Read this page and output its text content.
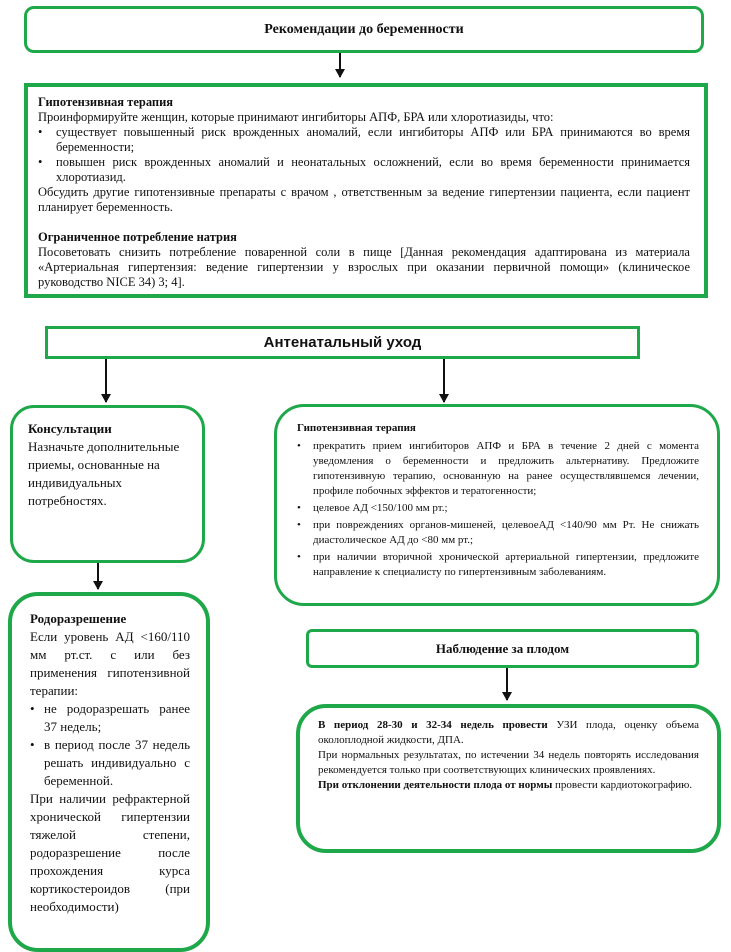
Рекомендации до беременности
Гипотензивная терапия

Проинформируйте женщин, которые принимают ингибиторы АПФ, БРА или хлоротиазиды, что:

•	существует повышенный риск врожденных аномалий, если ингибиторы АПФ или БРА принимаются во время беременности;
•	повышен риск врожденных аномалий и неонатальных осложнений, если во время беременности принимается хлоротиазид.

Обсудить другие гипотензивные препараты с врачом , ответственным за ведение гипертензии пациента, если пациент планирует беременность.

Ограниченное потребление натрия

Посоветовать снизить потребление поваренной соли в пище [Данная рекомендация адаптирована из материала «Артериальная гипертензия: ведение гипертензии у взрослых при оказании первичной помощи» (клиническое руководство NICE 34) 3; 4].

Антенатальный уход
Консультации

Назначьте дополнительные приемы, основанные на индивидуальных потребностях.

Гипотензивная терапия
•	прекратить прием ингибиторов АПФ и БРА в течение 2 дней с момента уведомления о беременности и предложить альтернативу. Предложите гипотензивную терапию, основанную на ранее осуществлявшемся лечении, профиле побочных эффектов и тератогенности;
•	целевое АД <150/100 мм рт.;
•	при повреждениях органов-мишеней, целевоеАД <140/90 мм Рт. Не снижать диастолическое АД до <80 мм рт.;
•	при наличии вторичной хронической артериальной гипертензии, предложите направление к специалисту по гипертензивным заболеваниям.
Родоразрешение

Если уровень АД <160/110 мм рт.ст. с или без применения гипотензивной терапии:

• не родоразрешать ранее 37 недель;
• в период после 37 недель решать индивидуально с беременной.

При наличии рефрактерной хронической гипертензии тяжелой степени, родоразрешение после прохождения курса кортикостероидов (при необходимости)

Наблюдение за плодом

В период 28-30 и 32-34 недель провести УЗИ плода, оценку объема околоплодной жидкости, ДПА.

При нормальных результатах, по истечении 34 недель повторять исследования рекомендуется только при соответствующих клинических проявлениях.

При отклонении деятельности плода от нормы провести кардиотокографию.
